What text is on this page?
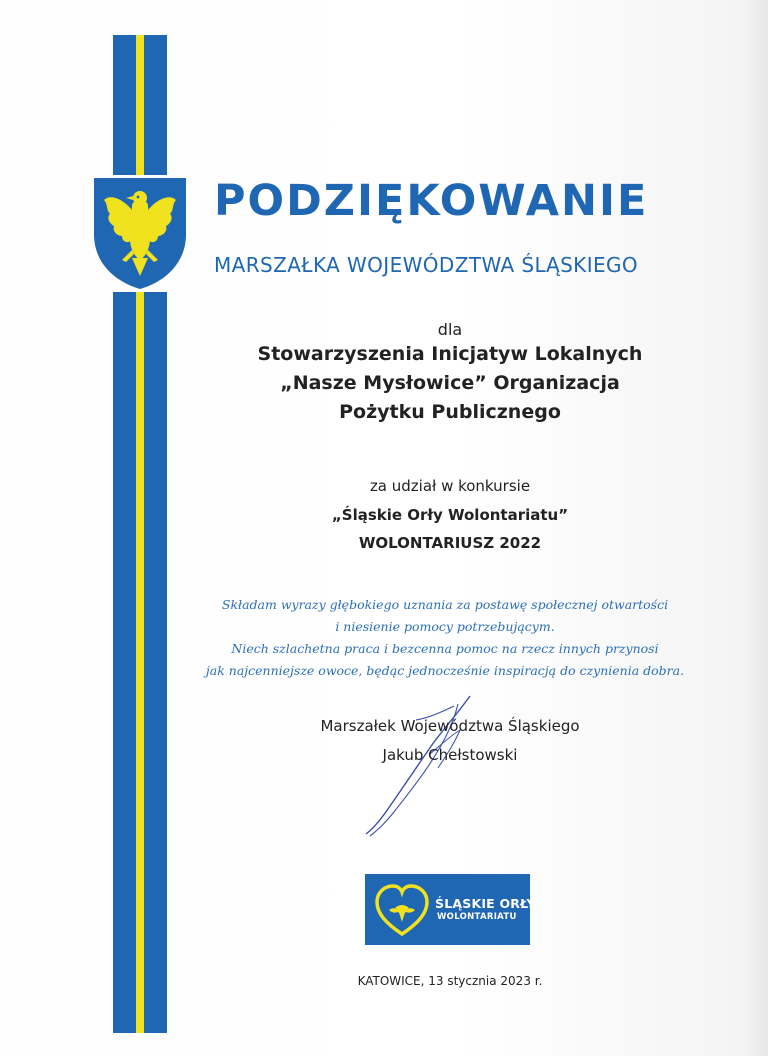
PODZIĘKOWANIE
MARSZAŁKA WOJEWÓDZTWA ŚLĄSKIEGO
dla
Stowarzyszenia Inicjatyw Lokalnych
„Nasze Mysłowice” Organizacja
Pożytku Publicznego
za udział w konkursie
„Śląskie Orły Wolontariatu”
WOLONTARIUSZ 2022
Składam wyrazy głębokiego uznania za postawę społecznej otwartości
i niesienie pomocy potrzebującym.
Niech szlachetna praca i bezcenna pomoc na rzecz innych przynosi
jak najcenniejsze owoce, będąc jednocześnie inspiracją do czynienia dobra.
Marszałek Województwa Śląskiego
Jakub Chełstowski
ŚLĄSKIE ORŁY
WOLONTARIATU
KATOWICE, 13 stycznia 2023 r.
